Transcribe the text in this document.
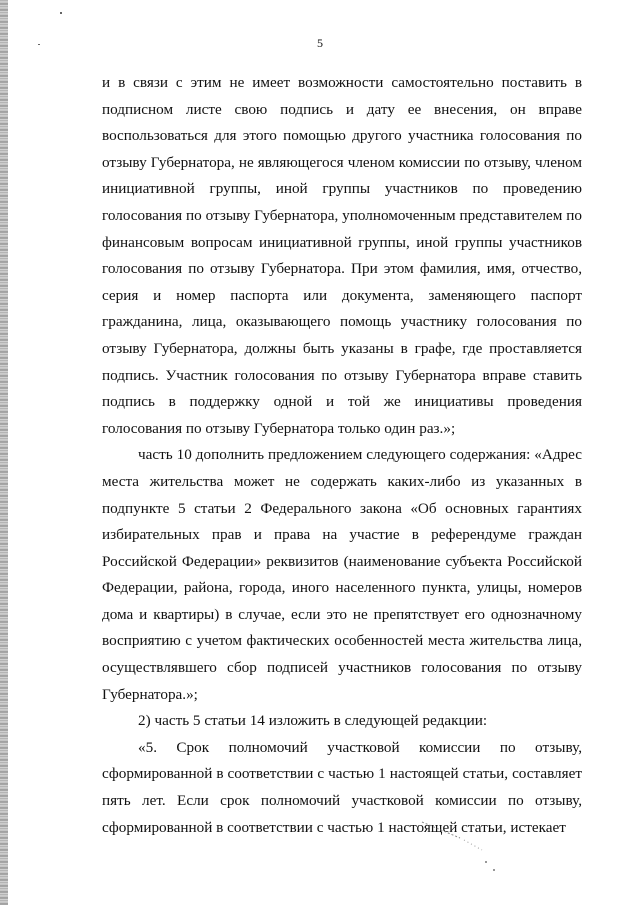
5

и в связи с этим не имеет возможности самостоятельно поставить в подписном листе свою подпись и дату ее внесения, он вправе воспользоваться для этого помощью другого участника голосования по отзыву Губернатора, не являющегося членом комиссии по отзыву, членом инициативной группы, иной группы участников по проведению голосования по отзыву Губернатора, уполномоченным представителем по финансовым вопросам инициативной группы, иной группы участников голосования по отзыву Губернатора. При этом фамилия, имя, отчество, серия и номер паспорта или документа, заменяющего паспорт гражданина, лица, оказывающего помощь участнику голосования по отзыву Губернатора, должны быть указаны в графе, где проставляется подпись. Участник голосования по отзыву Губернатора вправе ставить подпись в поддержку одной и той же инициативы проведения голосования по отзыву Губернатора только один раз.»;

часть 10 дополнить предложением следующего содержания: «Адрес места жительства может не содержать каких-либо из указанных в подпункте 5 статьи 2 Федерального закона «Об основных гарантиях избирательных прав и права на участие в референдуме граждан Российской Федерации» реквизитов (наименование субъекта Российской Федерации, района, города, иного населенного пункта, улицы, номеров дома и квартиры) в случае, если это не препятствует его однозначному восприятию с учетом фактических особенностей места жительства лица, осуществлявшего сбор подписей участников голосования по отзыву Губернатора.»;

2) часть 5 статьи 14 изложить в следующей редакции:

«5. Срок полномочий участковой комиссии по отзыву, сформированной в соответствии с частью 1 настоящей статьи, составляет пять лет. Если срок полномочий участковой комиссии по отзыву, сформированной в соответствии с частью 1 настоящей статьи, истекает
